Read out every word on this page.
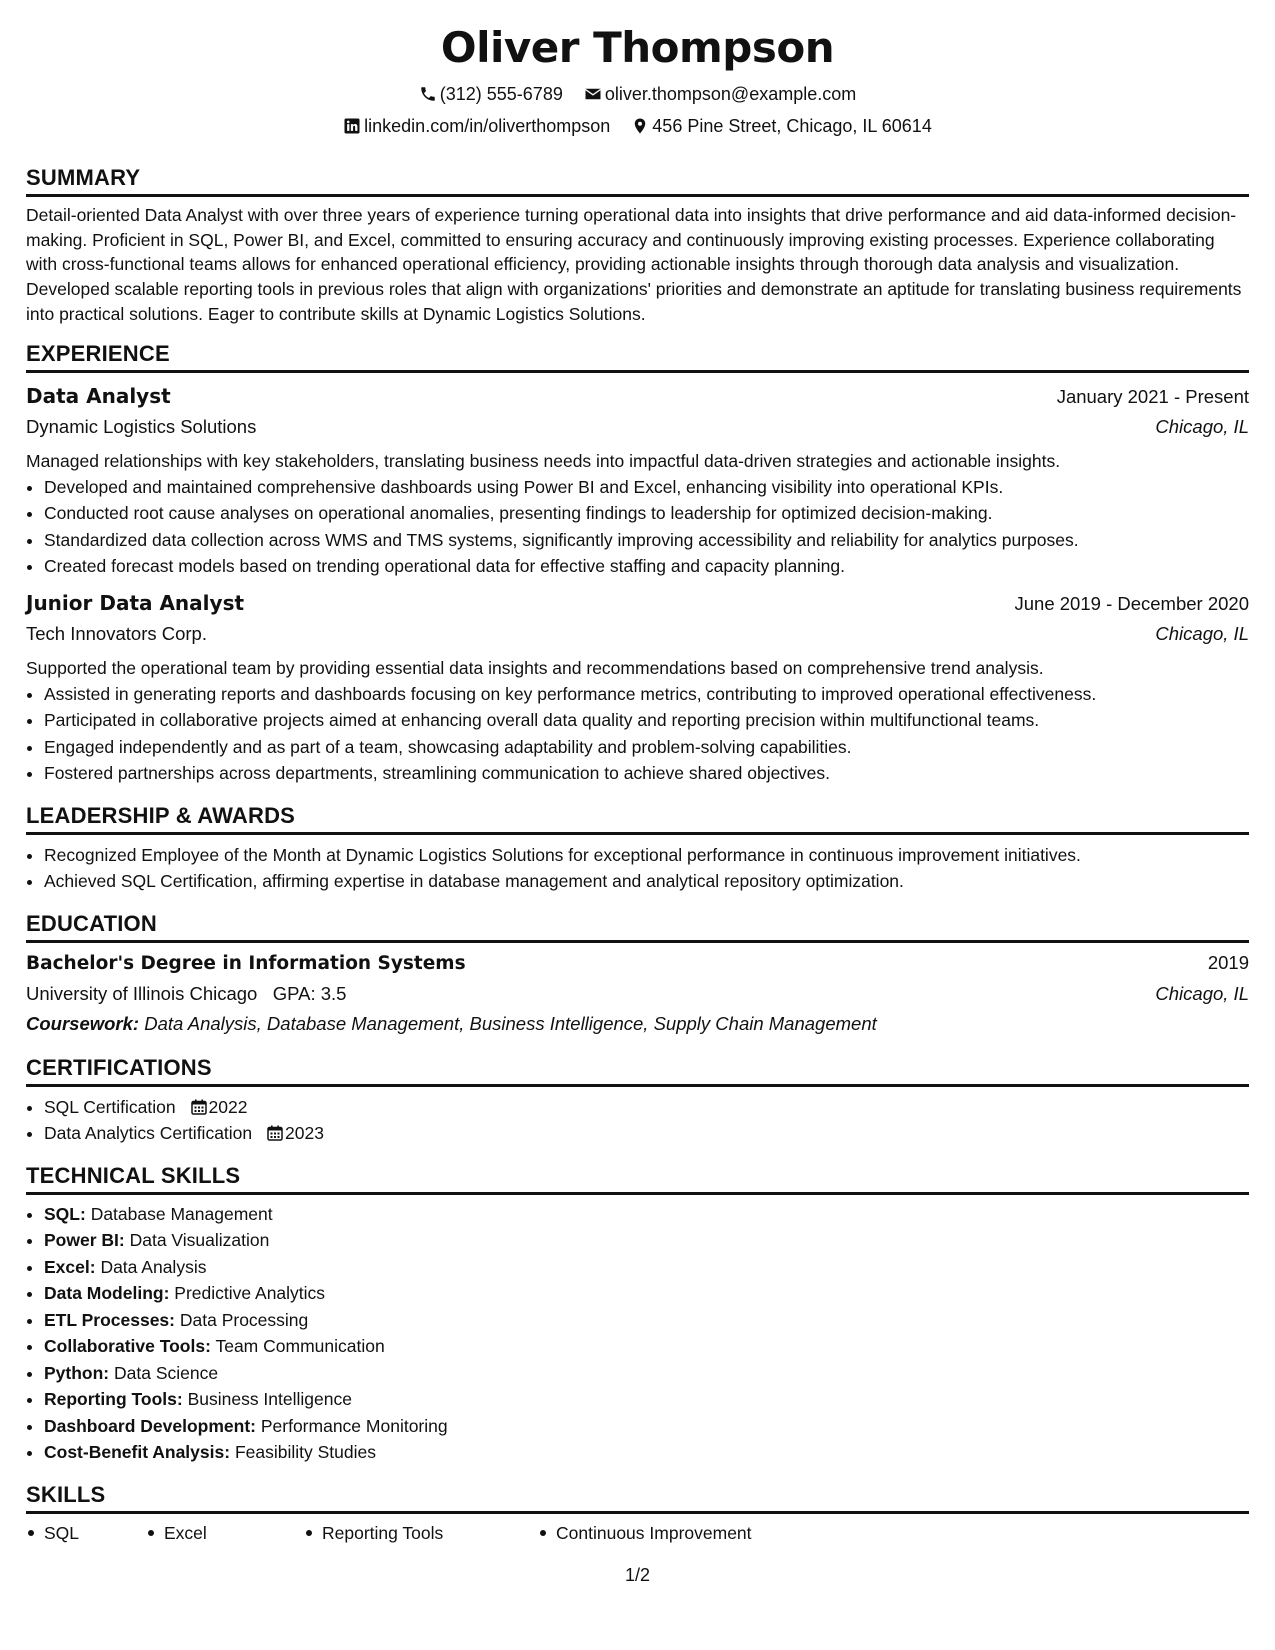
Oliver Thompson
(312) 555-6789 oliver.thompson@example.com
linkedin.com/in/oliverthompson 456 Pine Street, Chicago, IL 60614
SUMMARY

Detail-oriented Data Analyst with over three years of experience turning operational data into insights that drive performance and aid data-informed decision-making. Proficient in SQL, Power BI, and Excel, committed to ensuring accuracy and continuously improving existing processes. Experience collaborating with cross-functional teams allows for enhanced operational efficiency, providing actionable insights through thorough data analysis and visualization. Developed scalable reporting tools in previous roles that align with organizations' priorities and demonstrate an aptitude for translating business requirements into practical solutions. Eager to contribute skills at Dynamic Logistics Solutions.

EXPERIENCE
Data Analyst	January 2021 - Present
Dynamic Logistics Solutions	Chicago, IL
Managed relationships with key stakeholders, translating business needs into impactful data-driven strategies and actionable insights.
• Developed and maintained comprehensive dashboards using Power BI and Excel, enhancing visibility into operational KPIs.
• Conducted root cause analyses on operational anomalies, presenting findings to leadership for optimized decision-making.
• Standardized data collection across WMS and TMS systems, significantly improving accessibility and reliability for analytics purposes.
• Created forecast models based on trending operational data for effective staffing and capacity planning.
Junior Data Analyst	June 2019 - December 2020
Tech Innovators Corp.	Chicago, IL
Supported the operational team by providing essential data insights and recommendations based on comprehensive trend analysis.
• Assisted in generating reports and dashboards focusing on key performance metrics, contributing to improved operational effectiveness.
• Participated in collaborative projects aimed at enhancing overall data quality and reporting precision within multifunctional teams.
• Engaged independently and as part of a team, showcasing adaptability and problem-solving capabilities.
• Fostered partnerships across departments, streamlining communication to achieve shared objectives.
LEADERSHIP & AWARDS
• Recognized Employee of the Month at Dynamic Logistics Solutions for exceptional performance in continuous improvement initiatives.
• Achieved SQL Certification, affirming expertise in database management and analytical repository optimization.
EDUCATION
Bachelor's Degree in Information Systems	2019
University of Illinois Chicago GPA: 3.5	Chicago, IL
Coursework: Data Analysis, Database Management, Business Intelligence, Supply Chain Management
CERTIFICATIONS
• SQL Certification 2022
• Data Analytics Certification 2023
TECHNICAL SKILLS
• SQL: Database Management
• Power BI: Data Visualization
• Excel: Data Analysis
• Data Modeling: Predictive Analytics
• ETL Processes: Data Processing
• Collaborative Tools: Team Communication
• Python: Data Science
• Reporting Tools: Business Intelligence
• Dashboard Development: Performance Monitoring
• Cost-Benefit Analysis: Feasibility Studies
SKILLS
SQL	Excel	Reporting Tools	Continuous Improvement
1/2
